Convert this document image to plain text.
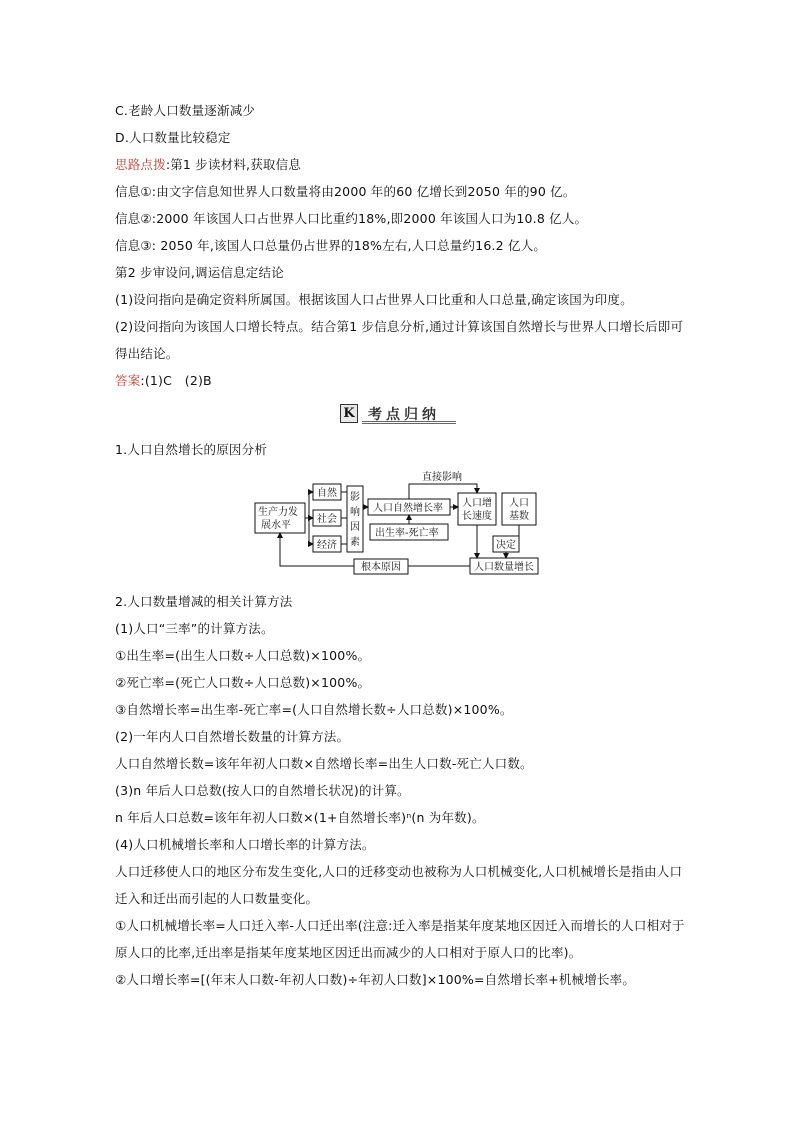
C.老龄人口数量逐渐减少
D.人口数量比较稳定
思路点拨:第1 步读材料,获取信息
信息①:由文字信息知世界人口数量将由2000 年的60 亿增长到2050 年的90 亿。
信息②:2000 年该国人口占世界人口比重约18%,即2000 年该国人口为10.8 亿人。
信息③: 2050 年,该国人口总量仍占世界的18%左右,人口总量约16.2 亿人。
第2 步审设问,调运信息定结论
(1)设问指向是确定资料所属国。根据该国人口占世界人口比重和人口总量,确定该国为印度。
(2)设问指向为该国人口增长特点。结合第1 步信息分析,通过计算该国自然增长与世界人口增长后即可
得出结论。
答案:(1)C　(2)B
K 考点归纳
1.人口自然增长的原因分析
生产力发
展水平
自然
社会
经济
影
响
因
素
人口自然增长率
出生率-死亡率
直接影响
人口增
长速度
人口
基数
决定
人口数量增长
根本原因
2.人口数量增减的相关计算方法
(1)人口“三率”的计算方法。
①出生率=(出生人口数÷人口总数)×100%。
②死亡率=(死亡人口数÷人口总数)×100%。
③自然增长率=出生率-死亡率=(人口自然增长数÷人口总数)×100%。
(2)一年内人口自然增长数量的计算方法。
人口自然增长数=该年年初人口数×自然增长率=出生人口数-死亡人口数。
(3)n 年后人口总数(按人口的自然增长状况)的计算。
n 年后人口总数=该年年初人口数×(1+自然增长率)ⁿ(n 为年数)。
(4)人口机械增长率和人口增长率的计算方法。
人口迁移使人口的地区分布发生变化,人口的迁移变动也被称为人口机械变化,人口机械增长是指由人口
迁入和迁出而引起的人口数量变化。
①人口机械增长率=人口迁入率-人口迁出率(注意:迁入率是指某年度某地区因迁入而增长的人口相对于
原人口的比率,迁出率是指某年度某地区因迁出而减少的人口相对于原人口的比率)。
②人口增长率=[(年末人口数-年初人口数)÷年初人口数]×100%=自然增长率+机械增长率。
